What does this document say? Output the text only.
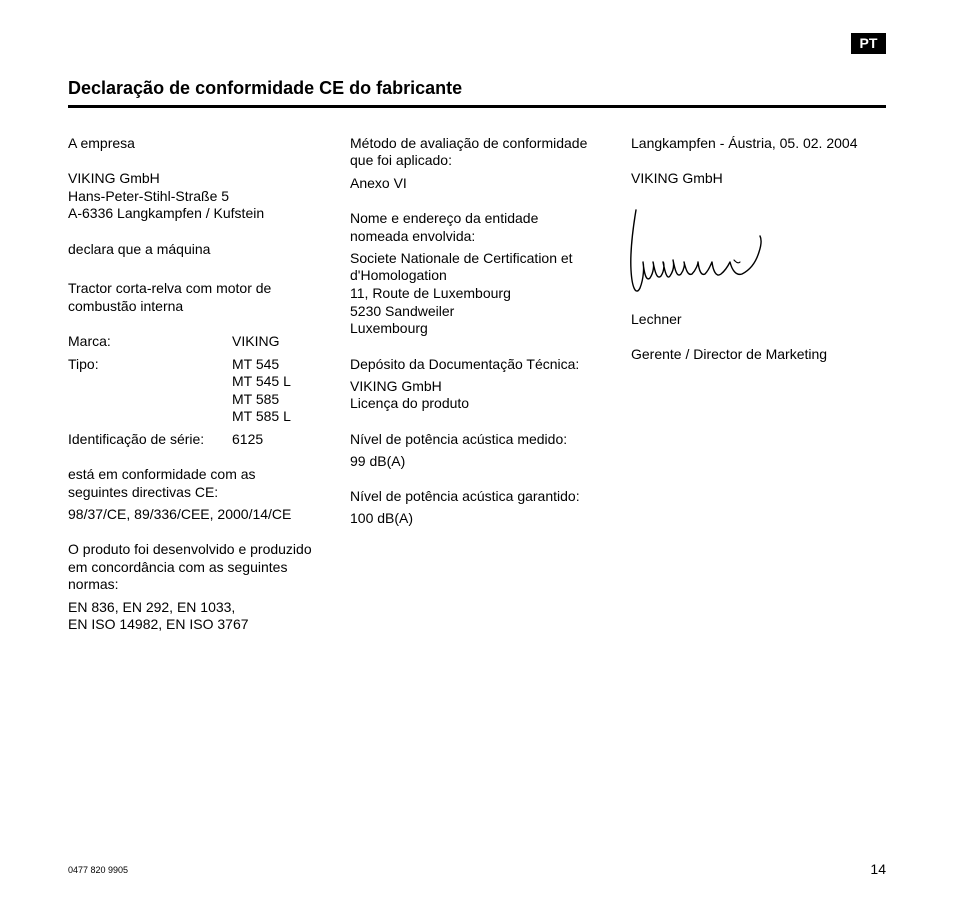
PT
Declaração de conformidade CE do fabricante
A empresa
VIKING GmbH
Hans-Peter-Stihl-Straße 5
A-6336 Langkampfen / Kufstein
declara que a máquina
Tractor corta-relva com motor de
combustão interna
Marca:	VIKING
Tipo:	MT 545
MT 545 L
MT 585
MT 585 L
Identificação de série: 6125
está em conformidade com as
seguintes directivas CE:
98/37/CE, 89/336/CEE, 2000/14/CE
O produto foi desenvolvido e produzido
em concordância com as seguintes
normas:
EN 836, EN 292, EN 1033,
EN ISO 14982, EN ISO 3767
Método de avaliação de conformidade
que foi aplicado:
Anexo VI
Nome e endereço da entidade
nomeada envolvida:
Societe Nationale de Certification et
d'Homologation
11, Route de Luxembourg
5230 Sandweiler
Luxembourg
Depósito da Documentação Técnica:
VIKING GmbH
Licença do produto
Nível de potência acústica medido:
99 dB(A)
Nível de potência acústica garantido:
100 dB(A)
Langkampfen - Áustria, 05. 02. 2004
VIKING GmbH
Lechner
Gerente / Director de Marketing
0477 820 9905	14
